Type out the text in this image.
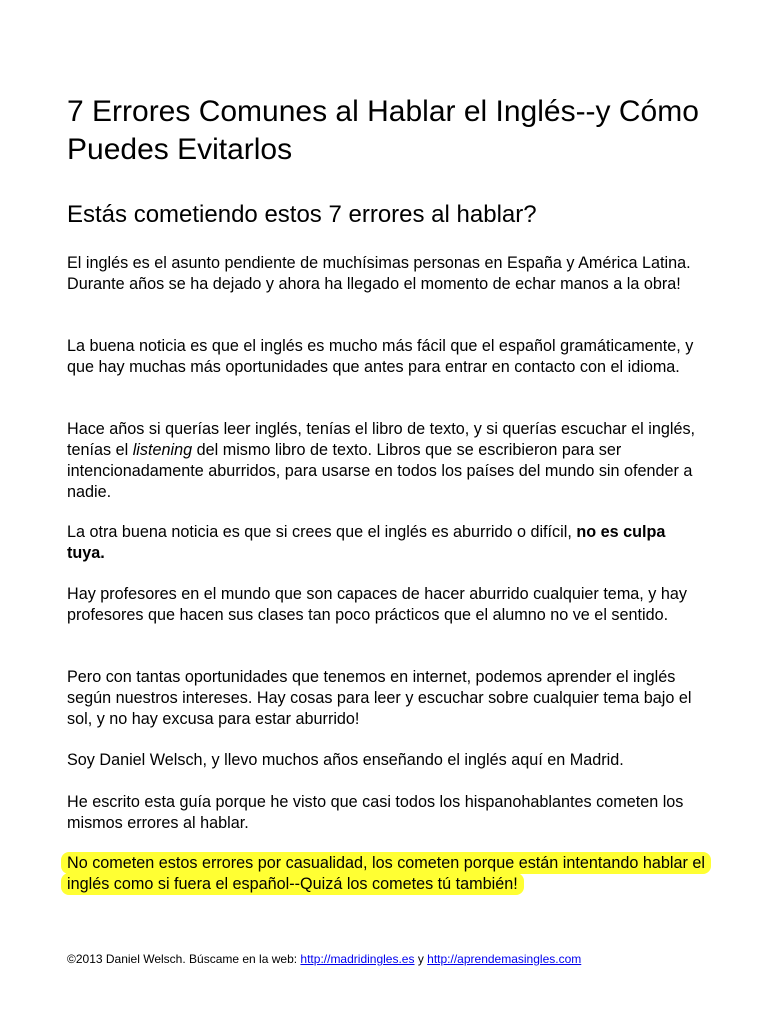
7 Errores Comunes al Hablar el Inglés--y Cómo Puedes Evitarlos
Estás cometiendo estos 7 errores al hablar?

El inglés es el asunto pendiente de muchísimas personas en España y América Latina. Durante años se ha dejado y ahora ha llegado el momento de echar manos a la obra!

La buena noticia es que el inglés es mucho más fácil que el español gramáticamente, y que hay muchas más oportunidades que antes para entrar en contacto con el idioma.

Hace años si querías leer inglés, tenías el libro de texto, y si querías escuchar el inglés, tenías el listening del mismo libro de texto. Libros que se escribieron para ser intencionadamente aburridos, para usarse en todos los países del mundo sin ofender a nadie.

La otra buena noticia es que si crees que el inglés es aburrido o difícil, no es culpa tuya.

Hay profesores en el mundo que son capaces de hacer aburrido cualquier tema, y hay profesores que hacen sus clases tan poco prácticos que el alumno no ve el sentido.

Pero con tantas oportunidades que tenemos en internet, podemos aprender el inglés según nuestros intereses. Hay cosas para leer y escuchar sobre cualquier tema bajo el sol, y no hay excusa para estar aburrido!

Soy Daniel Welsch, y llevo muchos años enseñando el inglés aquí en Madrid.

He escrito esta guía porque he visto que casi todos los hispanohablantes cometen los mismos errores al hablar.

No cometen estos errores por casualidad, los cometen porque están intentando hablar el inglés como si fuera el español--Quizá los cometes tú también!

©2013 Daniel Welsch. Búscame en la web: http://madridingles.es y http://aprendemasingles.com
